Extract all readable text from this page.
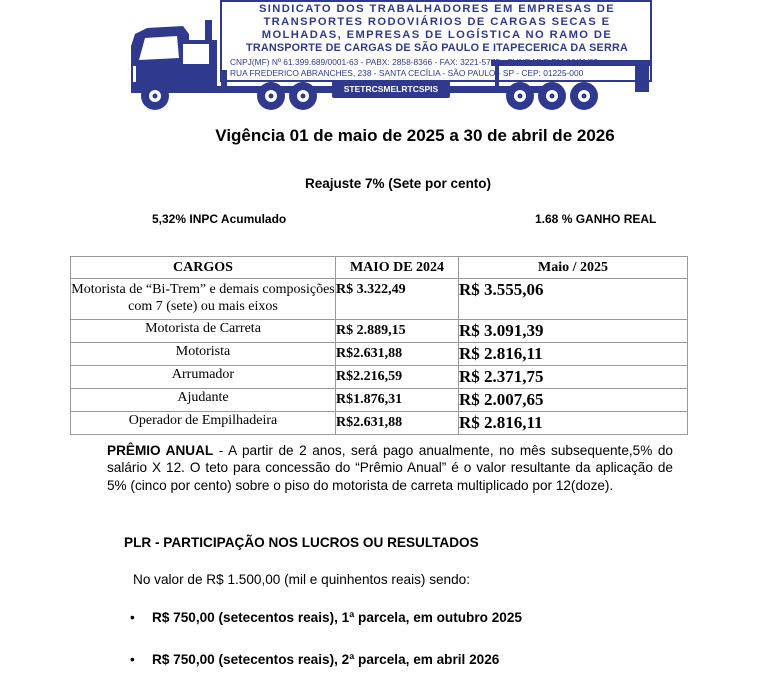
SINDICATO DOS TRABALHADORES EM EMPRESAS DE
TRANSPORTES RODOVIÁRIOS DE CARGAS SECAS E
MOLHADAS, EMPRESAS DE LOGÍSTICA NO RAMO DE
TRANSPORTE DE CARGAS DE SÃO PAULO E ITAPECERICA DA SERRA
CNPJ(MF) Nº 61.399.689/0001-63 - PABX: 2858-8366 - FAX: 3221-5775 - FUNDADO EM 26/11/89
RUA FREDERICO ABRANCHES, 238 - SANTA CECÍLIA - SÃO PAULO - SP - CEP: 01225-000
STETRCSMELRTCSPIS
Vigência 01 de maio de 2025 a 30 de abril de 2026
Reajuste 7% (Sete por cento)
5,32% INPC Acumulado	1.68 % GANHO REAL
CARGOS	MAIO DE 2024	Maio / 2025
Motorista de “Bi-Trem” e demais composições com 7 (sete) ou mais eixos	R$ 3.322,49	R$ 3.555,06
Motorista de Carreta	R$ 2.889,15	R$ 3.091,39
Motorista	R$2.631,88	R$ 2.816,11
Arrumador	R$2.216,59	R$ 2.371,75
Ajudante	R$1.876,31	R$ 2.007,65
Operador de Empilhadeira	R$2.631,88	R$ 2.816,11
PRÊMIO ANUAL - A partir de 2 anos, será pago anualmente, no mês subsequente,5% do salário X 12. O teto para concessão do “Prêmio Anual” é o valor resultante da aplicação de 5% (cinco por cento) sobre o piso do motorista de carreta multiplicado por 12(doze).
PLR - PARTICIPAÇÃO NOS LUCROS OU RESULTADOS
No valor de R$ 1.500,00 (mil e quinhentos reais) sendo:
• R$ 750,00 (setecentos reais), 1ª parcela, em outubro 2025
• R$ 750,00 (setecentos reais), 2ª parcela, em abril 2026
